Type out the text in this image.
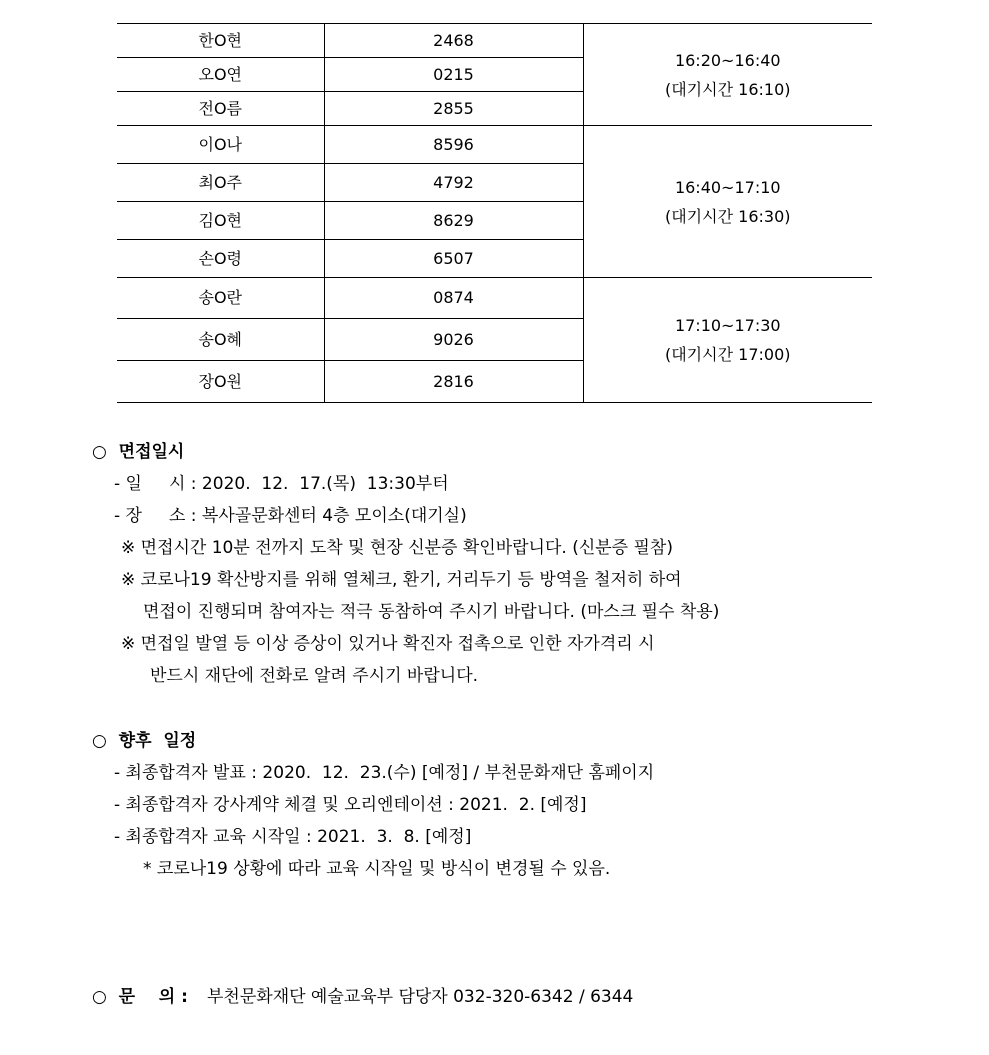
한O현	2468	16:20~16:40
(대기시간 16:10)

오O연	0215	
전O름	2855	
이O나	8596	16:40~17:10
(대기시간 16:30)

최O주	4792	
김O현	8629	
손O령	6507	
송O란	0874	17:10~17:30
(대기시간 17:00)

송O혜	9026	
장O원	2816	
○  면접일시
- 일     시 : 2020.  12.  17.(목)  13:30부터
- 장     소 : 복사골문화센터 4층 모이소(대기실)
※ 면접시간 10분 전까지 도착 및 현장 신분증 확인바랍니다. (신분증 필참)
※ 코로나19 확산방지를 위해 열체크, 환기, 거리두기 등 방역을 철저히 하여
면접이 진행되며 참여자는 적극 동참하여 주시기 바랍니다. (마스크 필수 착용)
※ 면접일 발열 등 이상 증상이 있거나 확진자 접촉으로 인한 자가격리 시
반드시 재단에 전화로 알려 주시기 바랍니다.
○  향후  일정
- 최종합격자 발표 : 2020.  12.  23.(수) [예정] / 부천문화재단 홈페이지
- 최종합격자 강사계약 체결 및 오리엔테이션 : 2021.  2. [예정]
- 최종합격자 교육 시작일 : 2021.  3.  8. [예정]
* 코로나19 상황에 따라 교육 시작일 및 방식이 변경될 수 있음.
○  문    의 : 부천문화재단 예술교육부 담당자 032-320-6342 / 6344
